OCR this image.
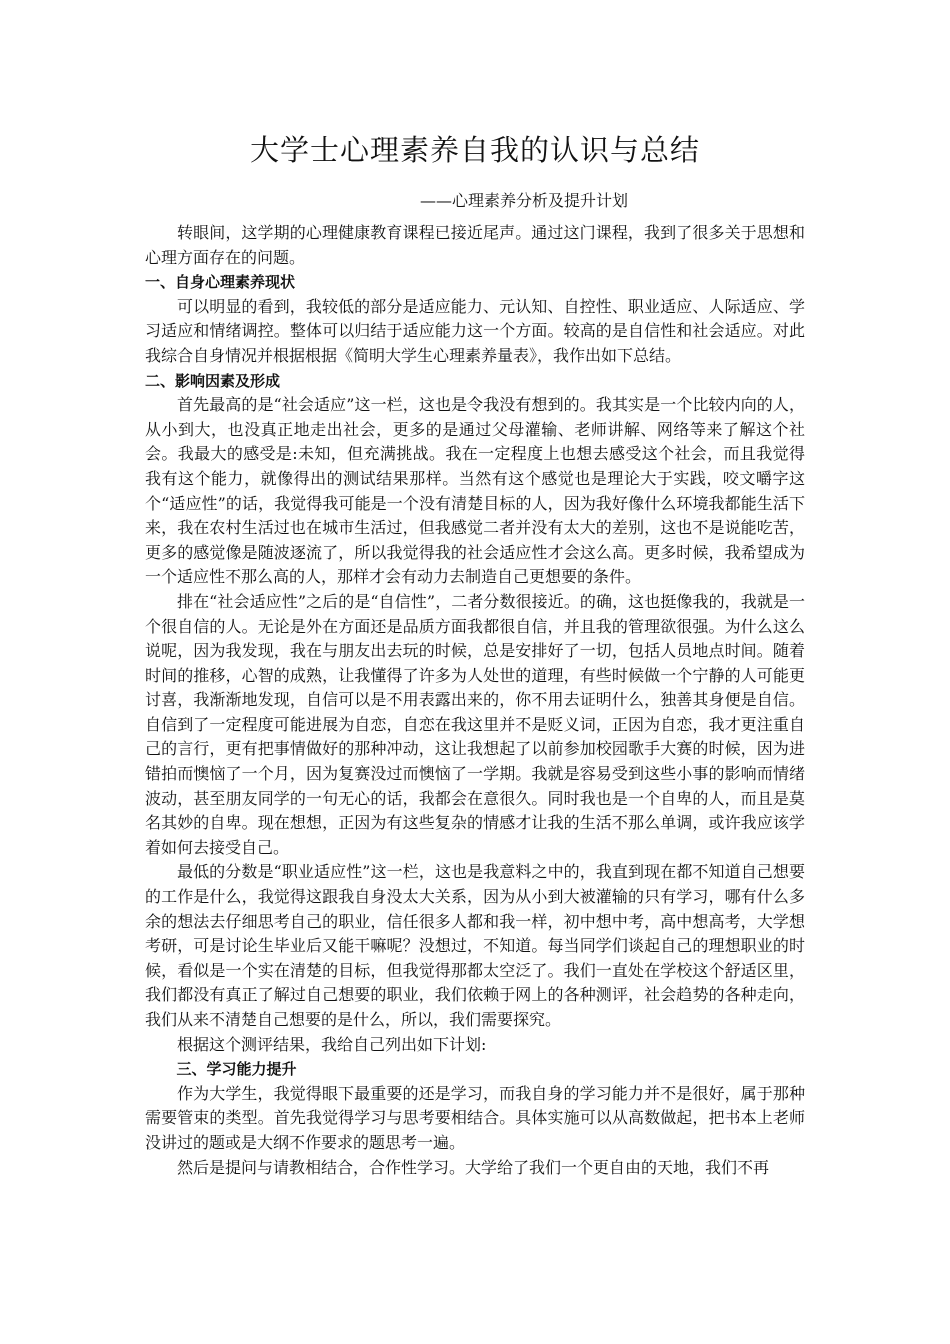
大学士心理素养自我的认识与总结
——心理素养分析及提升计划

转眼间，这学期的心理健康教育课程已接近尾声。通过这门课程，我到了很多关于思想和心理方面存在的问题。

一、自身心理素养现状

可以明显的看到，我较低的部分是适应能力、元认知、自控性、职业适应、人际适应、学习适应和情绪调控。整体可以归结于适应能力这一个方面。较高的是自信性和社会适应。对此我综合自身情况并根据根据《简明大学生心理素养量表》，我作出如下总结。

二、影响因素及形成

首先最高的是“社会适应”这一栏，这也是令我没有想到的。我其实是一个比较内向的人，从小到大，也没真正地走出社会，更多的是通过父母灌输、老师讲解、网络等来了解这个社会。我最大的感受是:未知，但充满挑战。我在一定程度上也想去感受这个社会，而且我觉得我有这个能力，就像得出的测试结果那样。当然有这个感觉也是理论大于实践，咬文嚼字这个“适应性”的话，我觉得我可能是一个没有清楚目标的人，因为我好像什么环境我都能生活下来，我在农村生活过也在城市生活过，但我感觉二者并没有太大的差别，这也不是说能吃苦，更多的感觉像是随波逐流了，所以我觉得我的社会适应性才会这么高。更多时候，我希望成为一个适应性不那么高的人，那样才会有动力去制造自己更想要的条件。

排在“社会适应性”之后的是“自信性”，二者分数很接近。的确，这也挺像我的，我就是一个很自信的人。无论是外在方面还是品质方面我都很自信，并且我的管理欲很强。为什么这么说呢，因为我发现，我在与朋友出去玩的时候，总是安排好了一切，包括人员地点时间。随着时间的推移，心智的成熟，让我懂得了许多为人处世的道理，有些时候做一个宁静的人可能更讨喜，我渐渐地发现，自信可以是不用表露出来的，你不用去证明什么，独善其身便是自信。自信到了一定程度可能进展为自恋，自恋在我这里并不是贬义词，正因为自恋，我才更注重自己的言行，更有把事情做好的那种冲动，这让我想起了以前参加校园歌手大赛的时候，因为进错拍而懊恼了一个月，因为复赛没过而懊恼了一学期。我就是容易受到这些小事的影响而情绪波动，甚至朋友同学的一句无心的话，我都会在意很久。同时我也是一个自卑的人，而且是莫名其妙的自卑。现在想想，正因为有这些复杂的情感才让我的生活不那么单调，或许我应该学着如何去接受自己。

最低的分数是“职业适应性”这一栏，这也是我意料之中的，我直到现在都不知道自己想要的工作是什么，我觉得这跟我自身没太大关系，因为从小到大被灌输的只有学习，哪有什么多余的想法去仔细思考自己的职业，信任很多人都和我一样，初中想中考，高中想高考，大学想考研，可是讨论生毕业后又能干嘛呢？没想过，不知道。每当同学们谈起自己的理想职业的时候，看似是一个实在清楚的目标，但我觉得那都太空泛了。我们一直处在学校这个舒适区里，我们都没有真正了解过自己想要的职业，我们依赖于网上的各种测评，社会趋势的各种走向，我们从来不清楚自己想要的是什么，所以，我们需要探究。

根据这个测评结果，我给自己列出如下计划:

三、学习能力提升

作为大学生，我觉得眼下最重要的还是学习，而我自身的学习能力并不是很好，属于那种需要管束的类型。首先我觉得学习与思考要相结合。具体实施可以从高数做起，把书本上老师没讲过的题或是大纲不作要求的题思考一遍。

然后是提问与请教相结合，合作性学习。大学给了我们一个更自由的天地，我们不再
